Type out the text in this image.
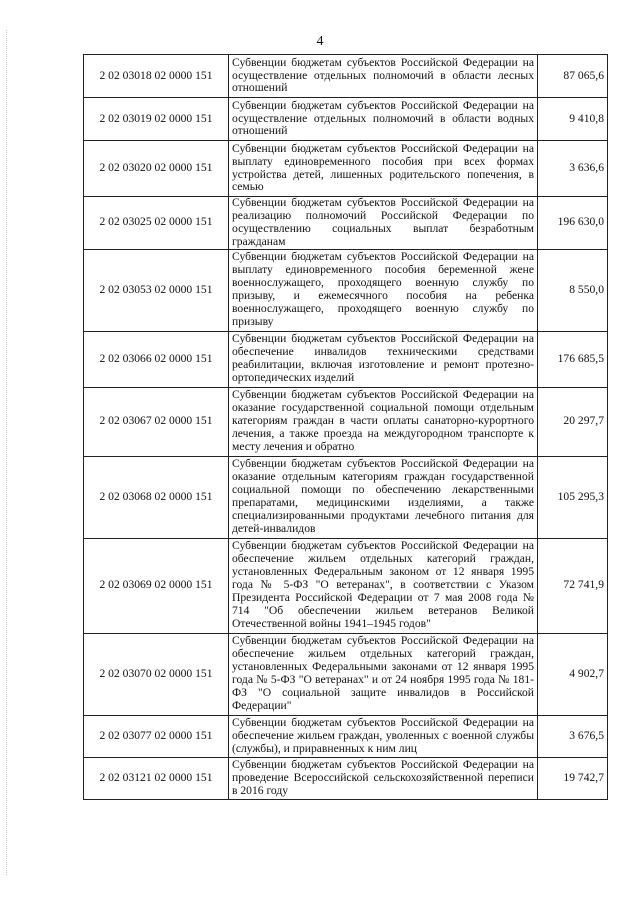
4
2 02 03018 02 0000 151	Субвенции бюджетам субъектов Российской Федерации на осуществление отдельных полномочий в области лесных отношений	87 065,6
2 02 03019 02 0000 151	Субвенции бюджетам субъектов Российской Федерации на осуществление отдельных полномочий в области водных отношений	9 410,8
2 02 03020 02 0000 151	Субвенции бюджетам субъектов Российской Федерации на выплату единовременного пособия при всех формах устройства детей, лишенных родительского попечения, в семью	3 636,6
2 02 03025 02 0000 151	Субвенции бюджетам субъектов Российской Федерации на реализацию полномочий Российской Федерации по осуществлению социальных выплат безработным гражданам	196 630,0
2 02 03053 02 0000 151	Субвенции бюджетам субъектов Российской Федерации на выплату единовременного пособия беременной жене военнослужащего, проходящего военную службу по призыву, и ежемесячного пособия на ребенка военнослужащего, проходящего военную службу по призыву	8 550,0
2 02 03066 02 0000 151	Субвенции бюджетам субъектов Российской Федерации на обеспечение инвалидов техническими средствами реабилитации, включая изготовление и ремонт протезно-ортопедических изделий	176 685,5
2 02 03067 02 0000 151	Субвенции бюджетам субъектов Российской Федерации на оказание государственной социальной помощи отдельным категориям граждан в части оплаты санаторно-курортного лечения, а также проезда на междугородном транспорте к месту лечения и обратно	20 297,7
2 02 03068 02 0000 151	Субвенции бюджетам субъектов Российской Федерации на оказание отдельным категориям граждан государственной социальной помощи по обеспечению лекарственными препаратами, медицинскими изделиями, а также специализированными продуктами лечебного питания для детей-инвалидов	105 295,3
2 02 03069 02 0000 151	Субвенции бюджетам субъектов Российской Федерации на обеспечение жильем отдельных категорий граждан, установленных Федеральным законом от 12 января 1995 года № 5-ФЗ "О ветеранах", в соответствии с Указом Президента Российской Федерации от 7 мая 2008 года № 714 "Об обеспечении жильем ветеранов Великой Отечественной войны 1941–1945 годов"	72 741,9
2 02 03070 02 0000 151	Субвенции бюджетам субъектов Российской Федерации на обеспечение жильем отдельных категорий граждан, установленных Федеральными законами от 12 января 1995 года № 5-ФЗ "О ветеранах" и от 24 ноября 1995 года № 181-ФЗ "О социальной защите инвалидов в Российской Федерации"	4 902,7
2 02 03077 02 0000 151	Субвенции бюджетам субъектов Российской Федерации на обеспечение жильем граждан, уволенных с военной службы (службы), и приравненных к ним лиц	3 676,5
2 02 03121 02 0000 151	Субвенции бюджетам субъектов Российской Федерации на проведение Всероссийской сельскохозяйственной переписи в 2016 году	19 742,7
